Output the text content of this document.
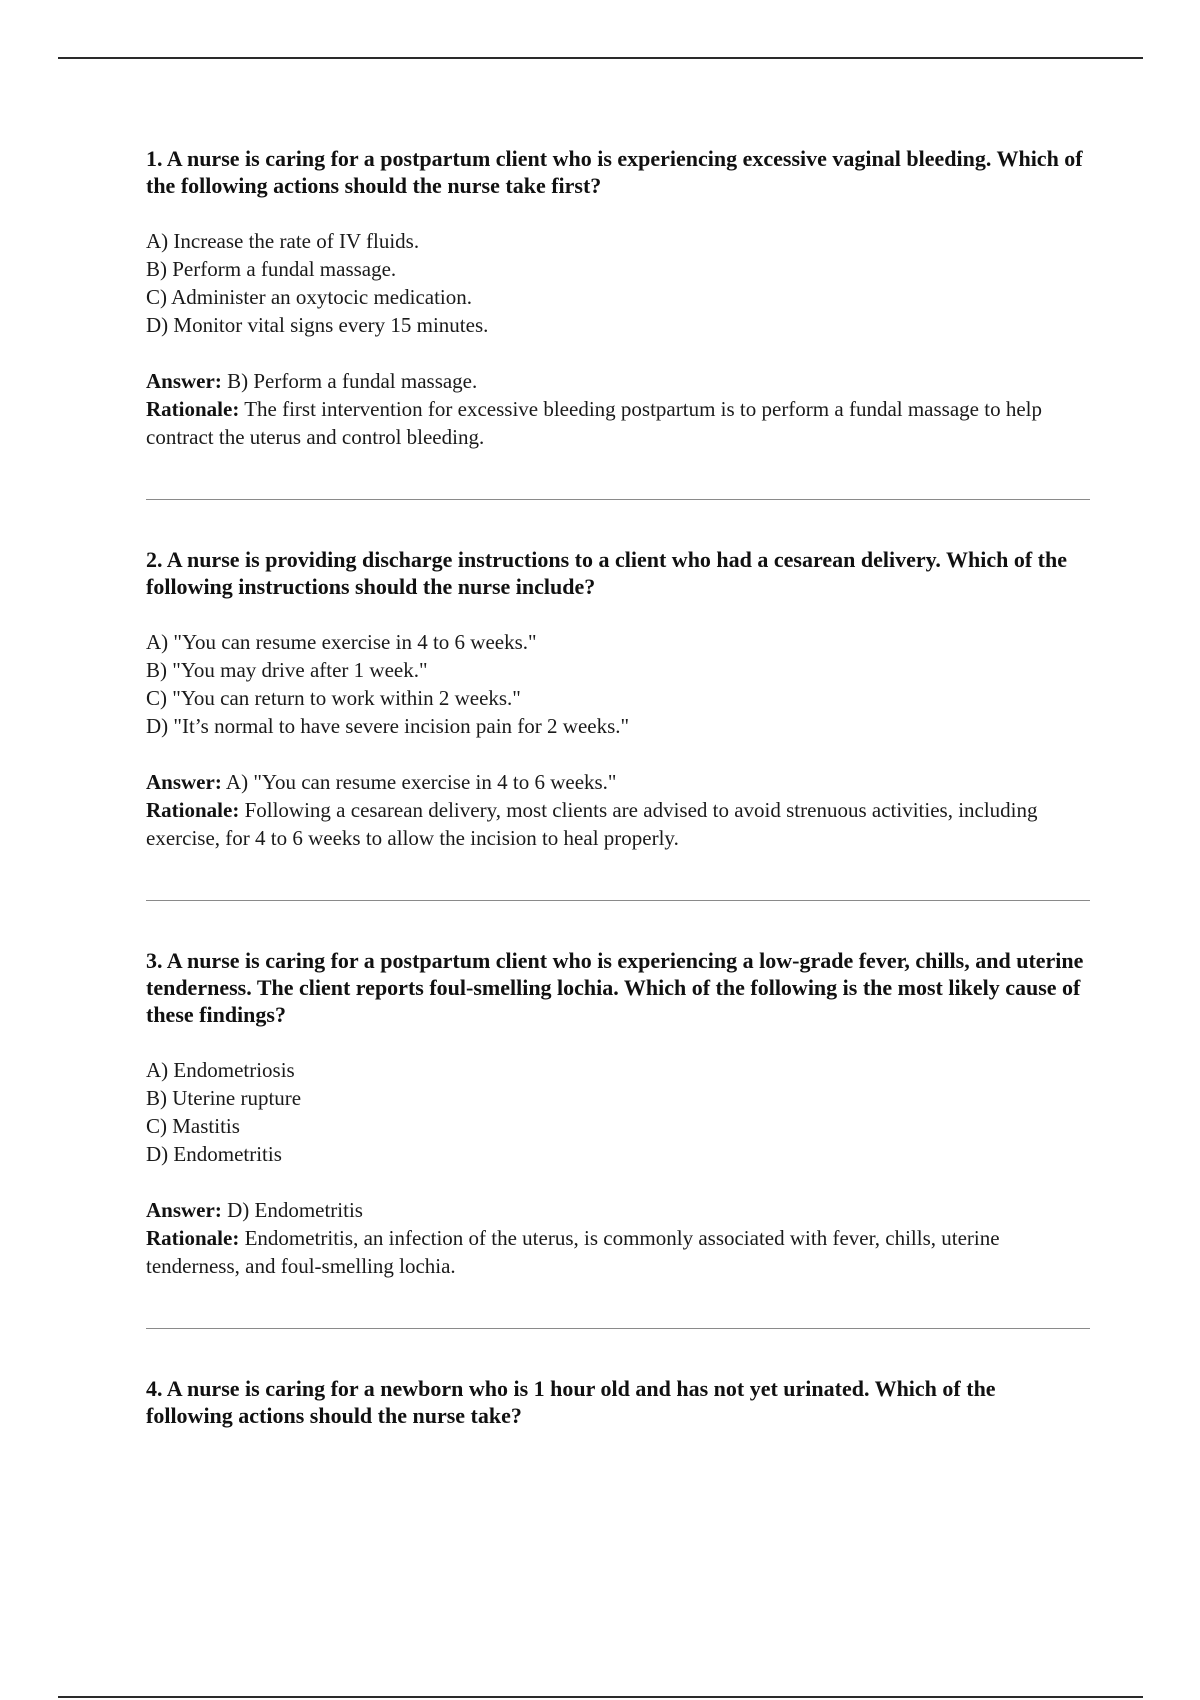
1. A nurse is caring for a postpartum client who is experiencing excessive vaginal bleeding. Which of the following actions should the nurse take first?

A) Increase the rate of IV fluids.
B) Perform a fundal massage.
C) Administer an oxytocic medication.
D) Monitor vital signs every 15 minutes.

Answer: B) Perform a fundal massage.

Rationale: The first intervention for excessive bleeding postpartum is to perform a fundal massage to help contract the uterus and control bleeding.

2. A nurse is providing discharge instructions to a client who had a cesarean delivery. Which of the following instructions should the nurse include?

A) "You can resume exercise in 4 to 6 weeks."
B) "You may drive after 1 week."
C) "You can return to work within 2 weeks."
D) "It’s normal to have severe incision pain for 2 weeks."

Answer: A) "You can resume exercise in 4 to 6 weeks."

Rationale: Following a cesarean delivery, most clients are advised to avoid strenuous activities, including exercise, for 4 to 6 weeks to allow the incision to heal properly.

3. A nurse is caring for a postpartum client who is experiencing a low-grade fever, chills, and uterine tenderness. The client reports foul-smelling lochia. Which of the following is the most likely cause of these findings?

A) Endometriosis
B) Uterine rupture
C) Mastitis
D) Endometritis

Answer: D) Endometritis

Rationale: Endometritis, an infection of the uterus, is commonly associated with fever, chills, uterine tenderness, and foul-smelling lochia.

4. A nurse is caring for a newborn who is 1 hour old and has not yet urinated. Which of the following actions should the nurse take?
